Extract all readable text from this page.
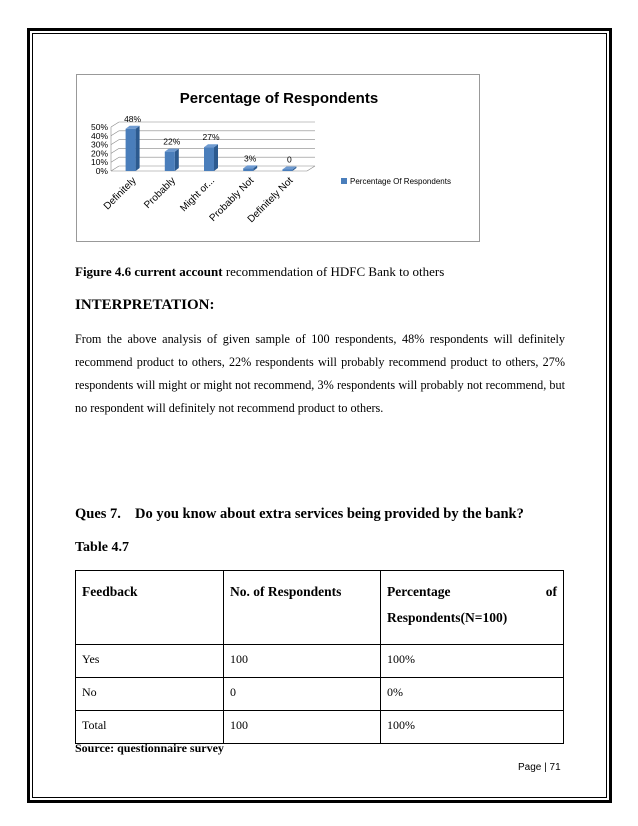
Percentage of Respondents
0%
10%
20%
30%
40%
50%
48%
Definitely
22%
Probably
27%
Might or...
3%
Probably Not
0
Definitely Not	Percentage Of Respondents
Figure 4.6 current account recommendation of HDFC Bank to others
INTERPRETATION:
From the above analysis of given sample of 100 respondents, 48% respondents will definitely recommend product to others, 22% respondents will probably recommend product to others, 27% respondents will might or might not recommend, 3% respondents will probably not recommend, but no respondent will definitely not recommend product to others.
Ques 7. Do you know about extra services being provided by the bank?
Table 4.7
Feedback	No. of Respondents	Percentage of
Respondents(N=100)

Yes	100	100%
No	0	0%
Total	100	100%
Source: questionnaire survey
Page | 71
